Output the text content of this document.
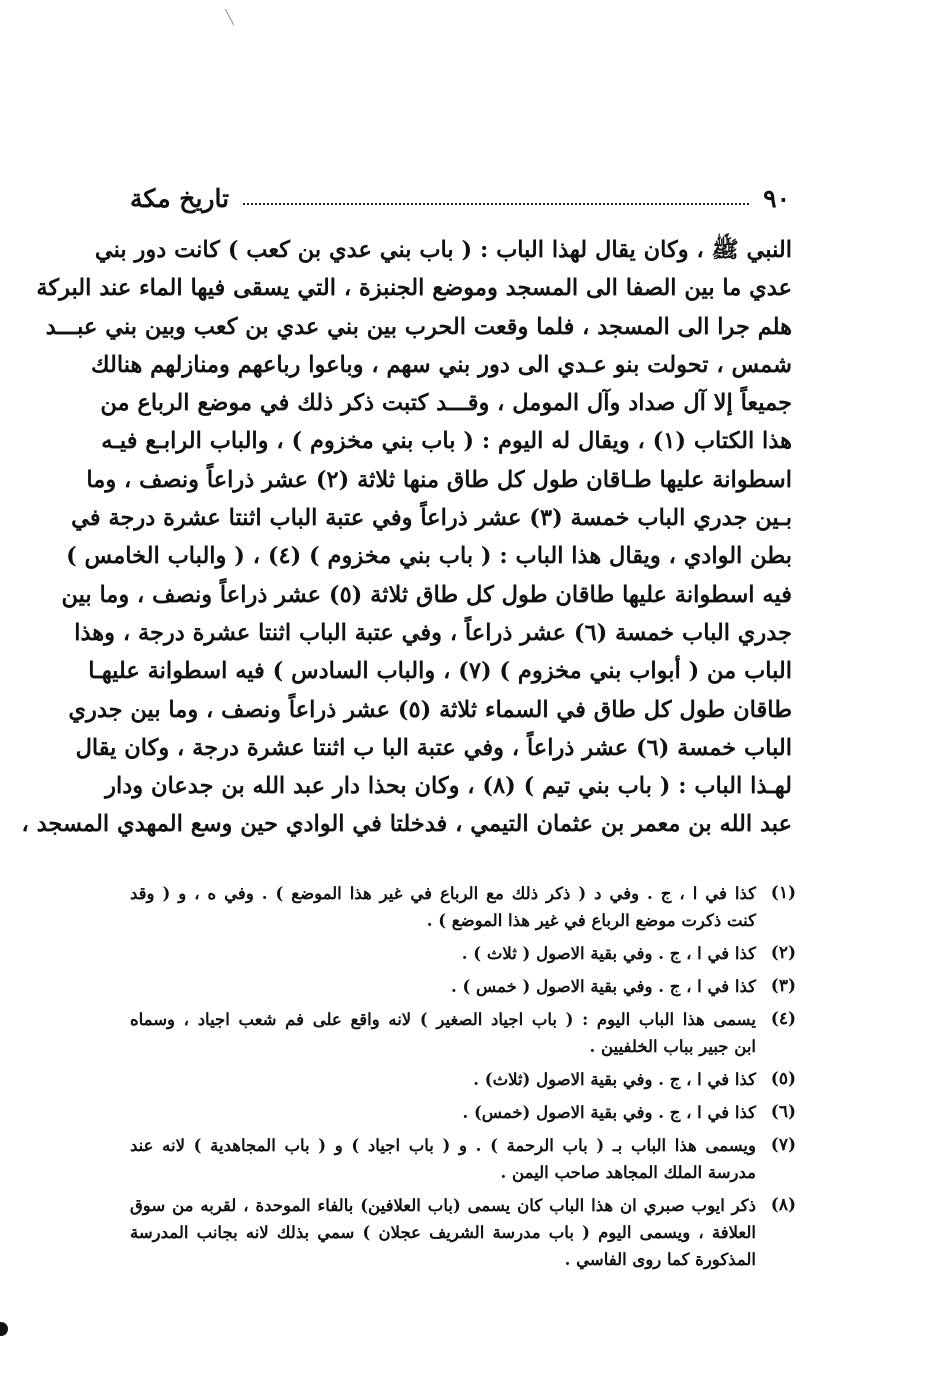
٩٠
تاريخ مكة
النبي ﷺ ، وكان يقال لهذا الباب : ( باب بني عدي بن كعب ) كانت دور بني
عدي ما بين الصفا الى المسجد وموضع الجنبزة ، التي يسقى فيها الماء عند البركة
هلم جرا الى المسجد ، فلما وقعت الحرب بين بني عدي بن كعب وبين بني عبـــد
شمس ، تحولت بنو عـدي الى دور بني سهم ، وباعوا رباعهم ومنازلهم هنالك
جميعاً إلا آل صداد وآل المومل ، وقـــد كتبت ذكر ذلك في موضع الرباع من
هذا الكتاب (١) ، ويقال له اليوم : ( باب بني مخزوم ) ، والباب الرابـع فيـه
اسطوانة عليها طـاقان طول كل طاق منها ثلاثة (٢) عشر ذراعاً ونصف ، وما
بـين جدري الباب خمسة (٣) عشر ذراعاً وفي عتبة الباب اثنتا عشرة درجة في
بطن الوادي ، ويقال هذا الباب : ( باب بني مخزوم ) (٤) ، ( والباب الخامس )
فيه اسطوانة عليها طاقان طول كل طاق ثلاثة (٥) عشر ذراعاً ونصف ، وما بين
جدري الباب خمسة (٦) عشر ذراعاً ، وفي عتبة الباب اثنتا عشرة درجة ، وهذا
الباب من ( أبواب بني مخزوم ) (٧) ، والباب السادس ) فيه اسطوانة عليهـا
طاقان طول كل طاق في السماء ثلاثة (٥) عشر ذراعاً ونصف ، وما بين جدري
الباب خمسة (٦) عشر ذراعاً ، وفي عتبة البا ب اثنتا عشرة درجة ، وكان يقال
لهـذا الباب : ( باب بني تيم ) (٨) ، وكان بحذا دار عبد الله بن جدعان ودار
عبد الله بن معمر بن عثمان التيمي ، فدخلتا في الوادي حين وسع المهدي المسجد ،
(١)
كذا في ا ، ج . وفي د ( ذكر ذلك مع الرباع في غير هذا الموضع ) . وفي ه ، و ( وقد
كنت ذكرت موضع الرباع في غير هذا الموضع ) .
(٢)
كذا في ا ، ج . وفي بقية الاصول ( ثلاث ) .
(٣)
كذا في ا ، ج . وفي بقية الاصول ( خمس ) .
(٤)
يسمى هذا الباب اليوم : ( باب اجياد الصغير ) لانه واقع على فم شعب اجياد ، وسماه
ابن جبير بباب الخلفيين .
(٥)
كذا في ا ، ج . وفي بقية الاصول (ثلاث) .
(٦)
كذا في ا ، ج . وفي بقية الاصول (خمس) .
(٧)
ويسمى هذا الباب بـ ( باب الرحمة ) . و ( باب اجياد ) و ( باب المجاهدية ) لانه عند
مدرسة الملك المجاهد صاحب اليمن .
(٨)
ذكر ايوب صبري ان هذا الباب كان يسمى (باب العلافين) بالفاء الموحدة ، لقربه من سوق
العلافة ، ويسمى اليوم ( باب مدرسة الشريف عجلان ) سمي بذلك لانه بجانب المدرسة
المذكورة كما روى الفاسي .
